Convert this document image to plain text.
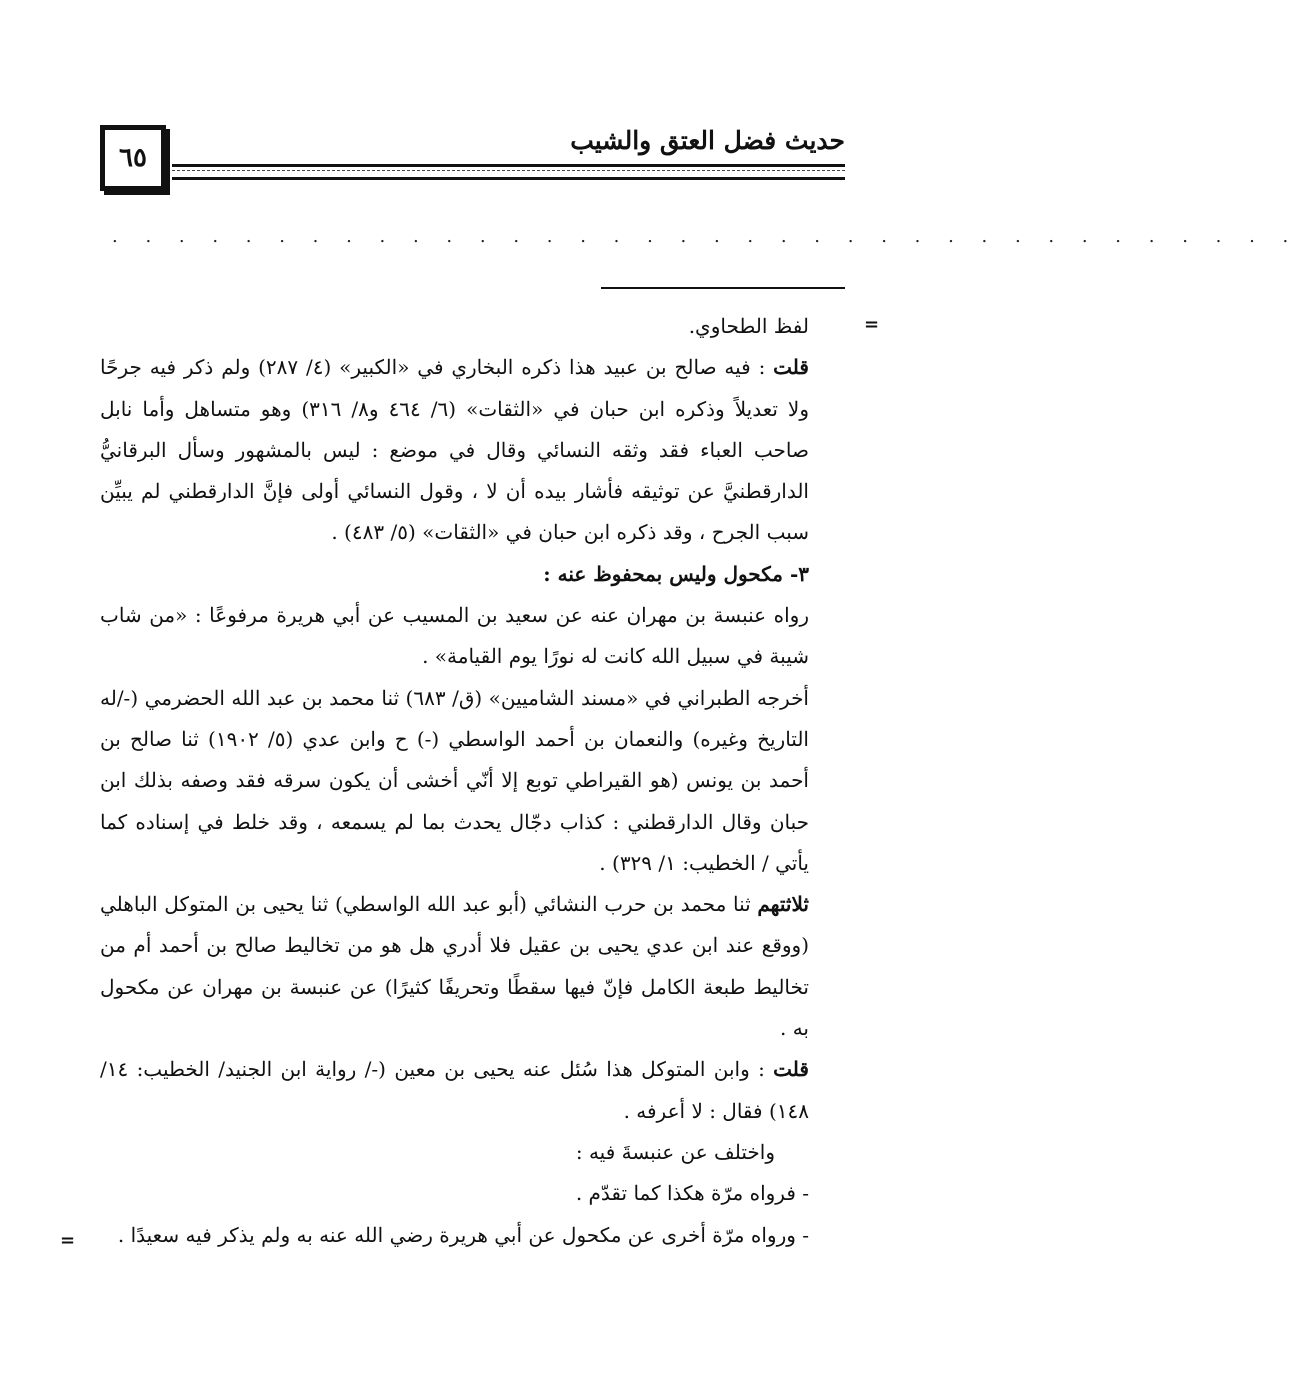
٦٥
حديث فضل العتق والشيب
. . . . . . . . . . . . . . . . . . . . . . . . . . . . . . . . . . . .
=
=

لفظ الطحاوي.

قلت : فيه صالح بن عبيد هذا ذكره البخاري في «الكبير» (٤/ ٢٨٧) ولم ذكر فيه جرحًا ولا تعديلاً وذكره ابن حبان في «الثقات» (٦/ ٤٦٤ و٨/ ٣١٦) وهو متساهل وأما نابل صاحب العباء فقد وثقه النسائي وقال في موضع : ليس بالمشهور وسأل البرقانيُّ الدارقطنيَّ عن توثيقه فأشار بيده أن لا ، وقول النسائي أولى فإنَّ الدارقطني لم يبيِّن سبب الجرح ، وقد ذكره ابن حبان في «الثقات» (٥/ ٤٨٣) .

٣- مكحول وليس بمحفوظ عنه :

رواه عنبسة بن مهران عنه عن سعيد بن المسيب عن أبي هريرة مرفوعًا : «من شاب شيبة في سبيل الله كانت له نورًا يوم القيامة» .

أخرجه الطبراني في «مسند الشاميين» (ق/ ٦٨٣) ثنا محمد بن عبد الله الحضرمي (-/له التاريخ وغيره) والنعمان بن أحمد الواسطي (-) ح وابن عدي (٥/ ١٩٠٢) ثنا صالح بن أحمد بن يونس (هو القيراطي توبع إلا أنّي أخشى أن يكون سرقه فقد وصفه بذلك ابن حبان وقال الدارقطني : كذاب دجّال يحدث بما لم يسمعه ، وقد خلط في إسناده كما يأتي / الخطيب: ١/ ٣٢٩) .

ثلاثتهم ثنا محمد بن حرب النشائي (أبو عبد الله الواسطي) ثنا يحيى بن المتوكل الباهلي (ووقع عند ابن عدي يحيى بن عقيل فلا أدري هل هو من تخاليط صالح بن أحمد أم من تخاليط طبعة الكامل فإنّ فيها سقطًا وتحريفًا كثيرًا) عن عنبسة بن مهران عن مكحول به .

قلت : وابن المتوكل هذا سُئل عنه يحيى بن معين (-/ رواية ابن الجنيد/ الخطيب: ١٤/ ١٤٨) فقال : لا أعرفه .

واختلف عن عنبسةَ فيه :

- فرواه مرّة هكذا كما تقدّم .

- ورواه مرّة أخرى عن مكحول عن أبي هريرة رضي الله عنه به ولم يذكر فيه سعيدًا .
